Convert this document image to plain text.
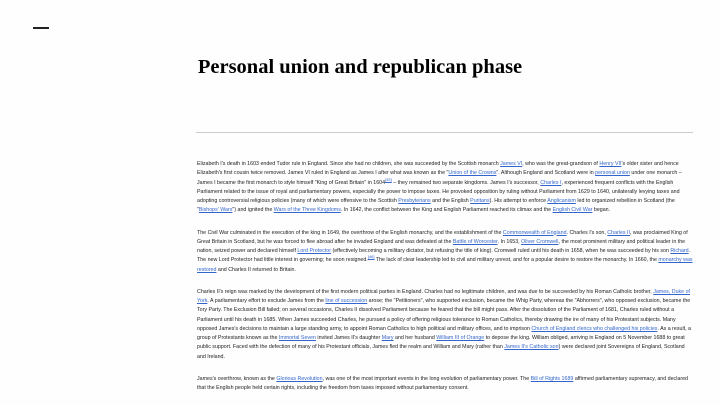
Personal union and republican phase

Elizabeth I's death in 1603 ended Tudor rule in England. Since she had no children, she was succeeded by the Scottish monarch James VI, who was the great-grandson of Henry VII's older sister and hence Elizabeth's first cousin twice removed. James VI ruled in England as James I after what was known as the "Union of the Crowns". Although England and Scotland were in personal union under one monarch – James I became the first monarch to style himself "King of Great Britain" in 1604[45] – they remained two separate kingdoms. James I's successor, Charles I, experienced frequent conflicts with the English Parliament related to the issue of royal and parliamentary powers, especially the power to impose taxes. He provoked opposition by ruling without Parliament from 1629 to 1640, unilaterally levying taxes and adopting controversial religious policies (many of which were offensive to the Scottish Presbyterians and the English Puritans). His attempt to enforce Anglicanism led to organized rebellion in Scotland (the "Bishops' Wars") and ignited the Wars of the Three Kingdoms. In 1642, the conflict between the King and English Parliament reached its climax and the English Civil War began.

The Civil War culminated in the execution of the king in 1649, the overthrow of the English monarchy, and the establishment of the Commonwealth of England. Charles I's son, Charles II, was proclaimed King of Great Britain in Scotland, but he was forced to flee abroad after he invaded England and was defeated at the Battle of Worcester. In 1653, Oliver Cromwell, the most prominent military and political leader in the nation, seized power and declared himself Lord Protector (effectively becoming a military dictator, but refusing the title of king). Cromwell ruled until his death in 1658, when he was succeeded by his son Richard. The new Lord Protector had little interest in governing; he soon resigned.[46] The lack of clear leadership led to civil and military unrest, and for a popular desire to restore the monarchy. In 1660, the monarchy was restored and Charles II returned to Britain.

Charles II's reign was marked by the development of the first modern political parties in England. Charles had no legitimate children, and was due to be succeeded by his Roman Catholic brother, James, Duke of York. A parliamentary effort to exclude James from the line of succession arose; the "Petitioners", who supported exclusion, became the Whig Party, whereas the "Abhorrers", who opposed exclusion, became the Tory Party. The Exclusion Bill failed; on several occasions, Charles II dissolved Parliament because he feared that the bill might pass. After the dissolution of the Parliament of 1681, Charles ruled without a Parliament until his death in 1685. When James succeeded Charles, he pursued a policy of offering religious tolerance to Roman Catholics, thereby drawing the ire of many of his Protestant subjects. Many opposed James's decisions to maintain a large standing army, to appoint Roman Catholics to high political and military offices, and to imprison Church of England clerics who challenged his policies. As a result, a group of Protestants known as the Immortal Seven invited James II's daughter Mary and her husband William III of Orange to depose the king. William obliged, arriving in England on 5 November 1688 to great public support. Faced with the defection of many of his Protestant officials, James fled the realm and William and Mary (rather than James II's Catholic son) were declared joint Sovereigns of England, Scotland and Ireland.

James's overthrow, known as the Glorious Revolution, was one of the most important events in the long evolution of parliamentary power. The Bill of Rights 1689 affirmed parliamentary supremacy, and declared that the English people held certain rights, including the freedom from taxes imposed without parliamentary consent.
